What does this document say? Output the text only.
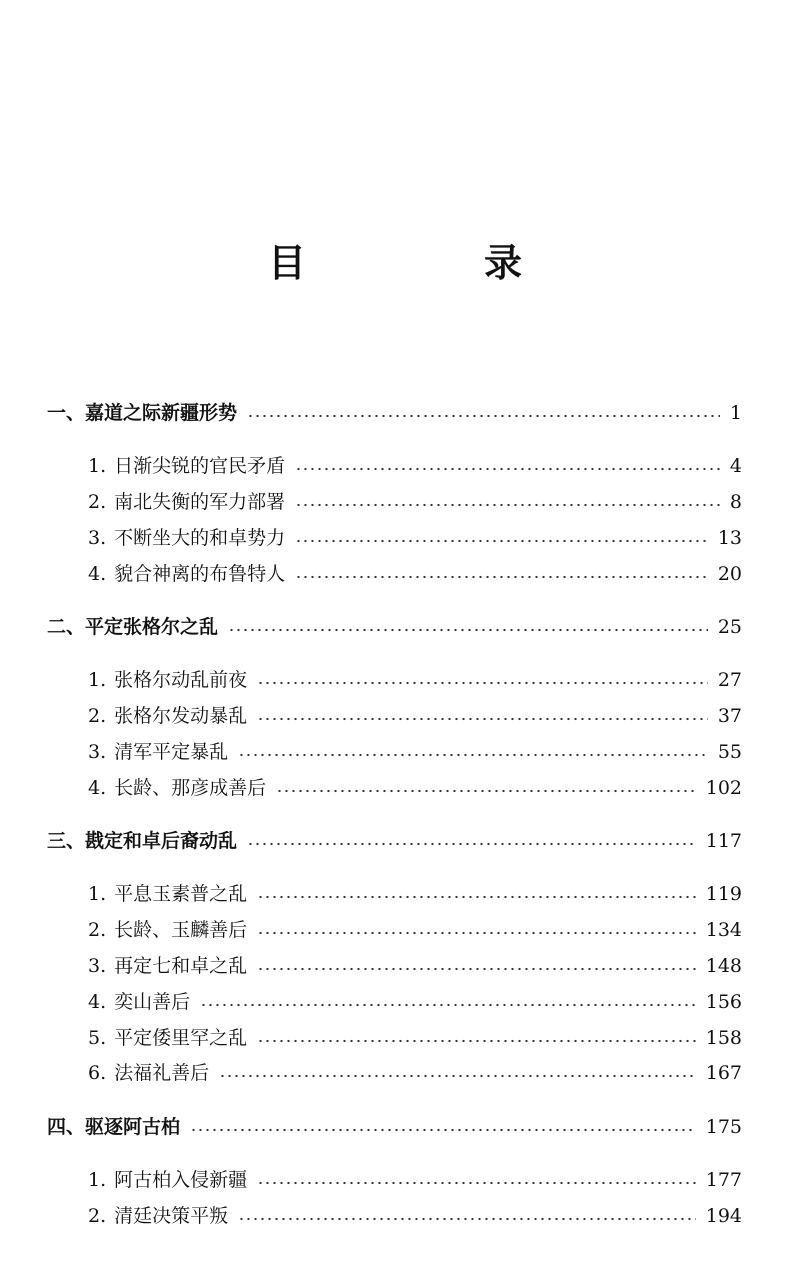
目　录
一、嘉道之际新疆形势	1
1. 日渐尖锐的官民矛盾	4
2. 南北失衡的军力部署	8
3. 不断坐大的和卓势力	13
4. 貌合神离的布鲁特人	20
二、平定张格尔之乱	25
1. 张格尔动乱前夜	27
2. 张格尔发动暴乱	37
3. 清军平定暴乱	55
4. 长龄、那彦成善后	102
三、戡定和卓后裔动乱	117
1. 平息玉素普之乱	119
2. 长龄、玉麟善后	134
3. 再定七和卓之乱	148
4. 奕山善后	156
5. 平定倭里罕之乱	158
6. 法福礼善后	167
四、驱逐阿古柏	175
1. 阿古柏入侵新疆	177
2. 清廷决策平叛	194
